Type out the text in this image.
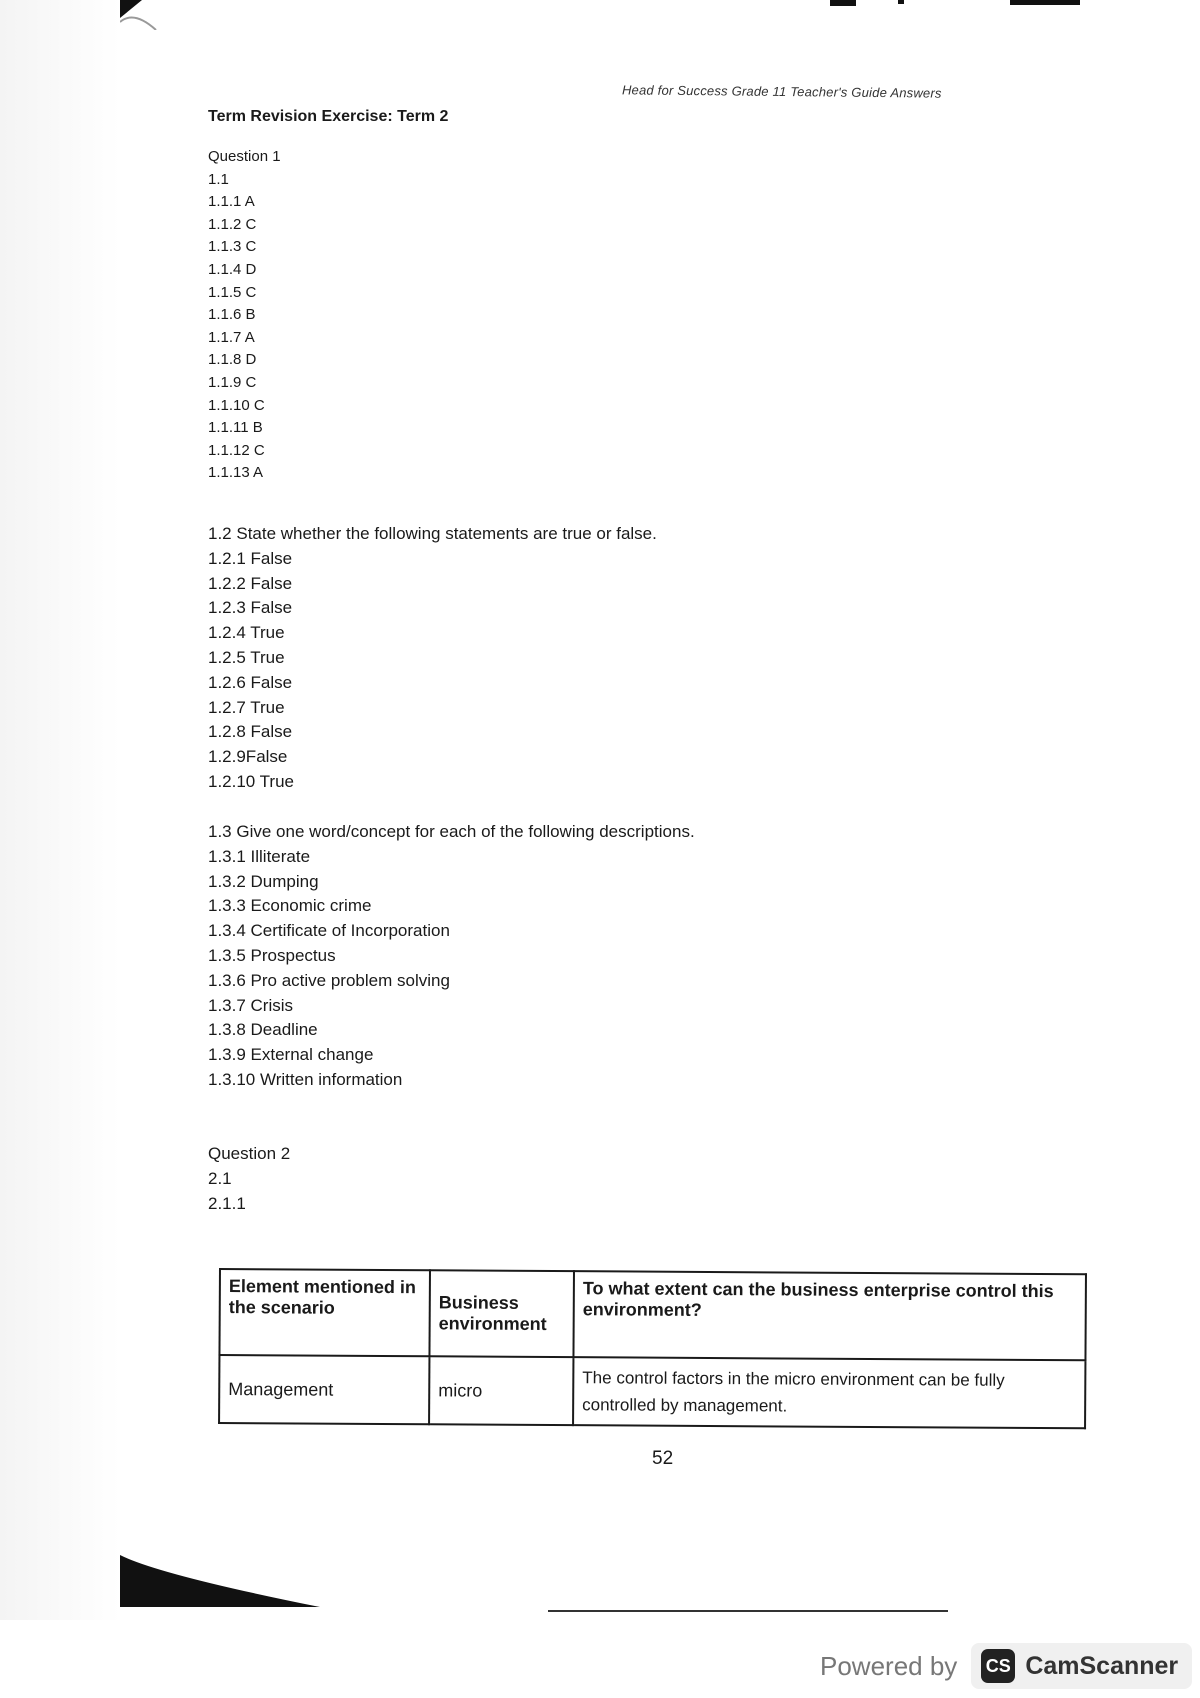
Head for Success Grade 11 Teacher's Guide Answers
Term Revision Exercise: Term 2
Question 1
1.1
1.1.1 A
1.1.2 C
1.1.3 C
1.1.4 D
1.1.5 C
1.1.6 B
1.1.7 A
1.1.8 D
1.1.9 C
1.1.10 C
1.1.11 B
1.1.12 C
1.1.13 A
1.2 State whether the following statements are true or false.
1.2.1 False
1.2.2 False
1.2.3 False
1.2.4 True
1.2.5 True
1.2.6 False
1.2.7 True
1.2.8 False
1.2.9False
1.2.10 True
1.3 Give one word/concept for each of the following descriptions.
1.3.1 Illiterate
1.3.2 Dumping
1.3.3 Economic crime
1.3.4 Certificate of Incorporation
1.3.5 Prospectus
1.3.6 Pro active problem solving
1.3.7 Crisis
1.3.8 Deadline
1.3.9 External change
1.3.10 Written information
Question 2
2.1
2.1.1
Element mentioned in the scenario	Business environment	To what extent can the business enterprise control this environment?
Management	micro	The control factors in the micro environment can be fully controlled by management.
52
Powered by CS CamScanner
